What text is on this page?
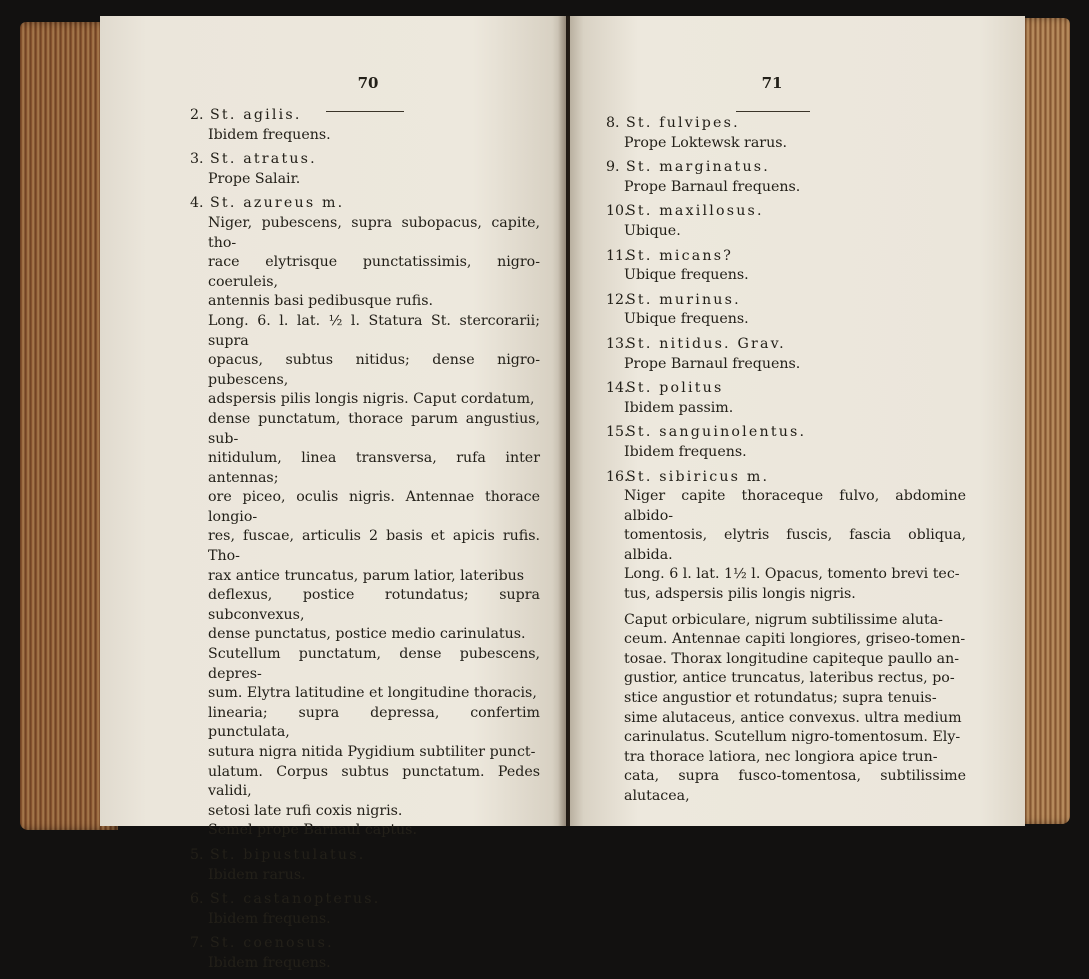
70
2. St. agilis.
Ibidem frequens.
3. St. atratus.
Prope Salair.
4. St. azureus m.
Niger, pubescens, supra subopacus, capite, tho-
race elytrisque punctatissimis, nigro-coeruleis,
antennis basi pedibusque rufis.
Long. 6. l. lat. ½ l. Statura St. stercorarii; supra
opacus, subtus nitidus; dense nigro-pubescens,
adspersis pilis longis nigris. Caput cordatum,
dense punctatum, thorace parum angustius, sub-
nitidulum, linea transversa, rufa inter antennas;
ore piceo, oculis nigris. Antennae thorace longio-
res, fuscae, articulis 2 basis et apicis rufis. Tho-
rax antice truncatus, parum latior, lateribus
deflexus, postice rotundatus; supra subconvexus,
dense punctatus, postice medio carinulatus.
Scutellum punctatum, dense pubescens, depres-
sum. Elytra latitudine et longitudine thoracis,
linearia; supra depressa, confertim punctulata,
sutura nigra nitida Pygidium subtiliter punct-
ulatum. Corpus subtus punctatum. Pedes validi,
setosi late rufi coxis nigris.
Semel prope Barnaul captus.
5. St. bipustulatus.
Ibidem rarus.
6. St. castanopterus.
Ibidem frequens.
7. St. coenosus.
Ibidem frequens.
71
8. St. fulvipes.
Prope Loktewsk rarus.
9. St. marginatus.
Prope Barnaul frequens.
10.
St. maxillosus.
Ubique.
11.
St. micans?
Ubique frequens.
12.
St. murinus.
Ubique frequens.
13.
St. nitidus. Grav.
Prope Barnaul frequens.
14.
St. politus
Ibidem passim.
15.
St. sanguinolentus.
Ibidem frequens.
16.
St. sibiricus m.
Niger capite thoraceque fulvo, abdomine albido-
tomentosis, elytris fuscis, fascia obliqua, albida.
Long. 6 l. lat. 1½ l. Opacus, tomento brevi tec-
tus, adspersis pilis longis nigris.
Caput orbiculare, nigrum subtilissime aluta-
ceum. Antennae capiti longiores, griseo-tomen-
tosae. Thorax longitudine capiteque paullo an-
gustior, antice truncatus, lateribus rectus, po-
stice angustior et rotundatus; supra tenuis-
sime alutaceus, antice convexus. ultra medium
carinulatus. Scutellum nigro-tomentosum. Ely-
tra thorace latiora, nec longiora apice trun-
cata, supra fusco-tomentosa, subtilissime alutacea,
